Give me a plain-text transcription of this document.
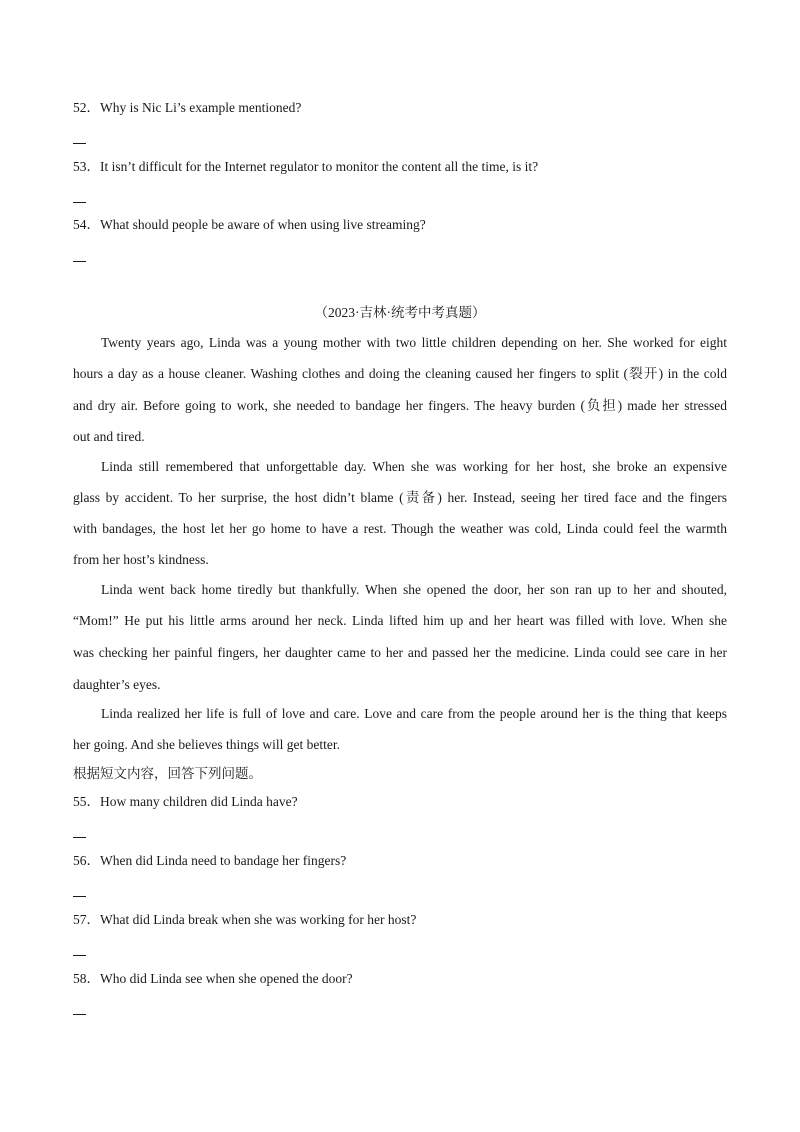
52．Why is Nic Li’s example mentioned?
53．It isn’t difficult for the Internet regulator to monitor the content all the time, is it?
54．What should people be aware of when using live streaming?
（2023·吉林·统考中考真题）
Twenty years ago, Linda was a young mother with two little children depending on her. She worked for eight
hours a day as a house cleaner. Washing clothes and doing the cleaning caused her fingers to split (裂开) in the cold
and dry air. Before going to work, she needed to bandage her fingers. The heavy burden (负担) made her stressed
out and tired.
Linda still remembered that unforgettable day. When she was working for her host, she broke an expensive
glass by accident. To her surprise, the host didn’t blame (责备) her. Instead, seeing her tired face and the fingers
with bandages, the host let her go home to have a rest. Though the weather was cold, Linda could feel the warmth
from her host’s kindness.
Linda went back home tiredly but thankfully. When she opened the door, her son ran up to her and shouted,
“Mom!” He put his little arms around her neck. Linda lifted him up and her heart was filled with love. When she
was checking her painful fingers, her daughter came to her and passed her the medicine. Linda could see care in her
daughter’s eyes.
Linda realized her life is full of love and care. Love and care from the people around her is the thing that keeps
her going. And she believes things will get better.
根据短文内容，回答下列问题。
55．How many children did Linda have?
56．When did Linda need to bandage her fingers?
57．What did Linda break when she was working for her host?
58．Who did Linda see when she opened the door?
